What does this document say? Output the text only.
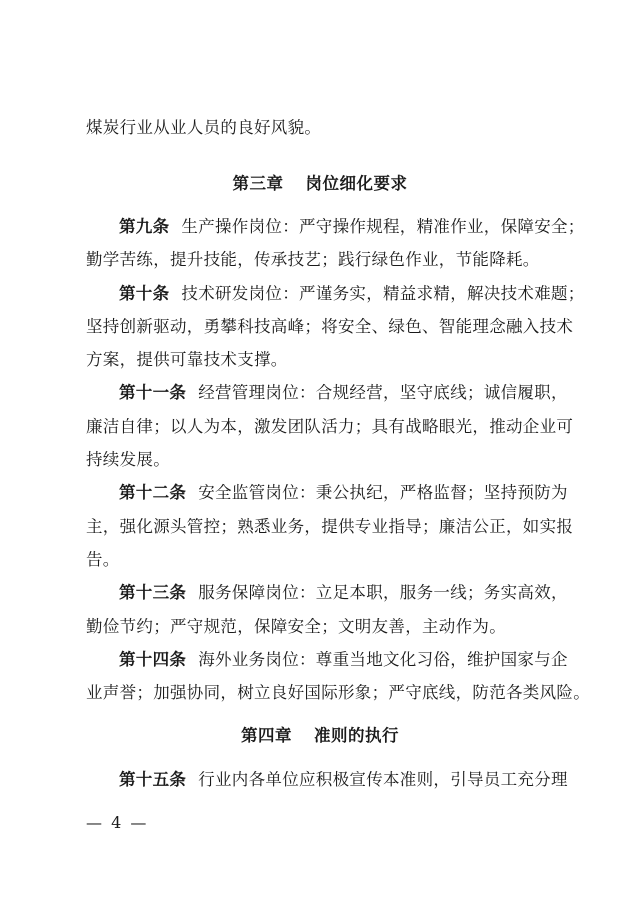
煤炭行业从业人员的良好风貌。
第三章 岗位细化要求
第九条 生产操作岗位：严守操作规程，精准作业，保障安全；
勤学苦练，提升技能，传承技艺；践行绿色作业，节能降耗。
第十条 技术研发岗位：严谨务实，精益求精，解决技术难题；
坚持创新驱动，勇攀科技高峰；将安全、绿色、智能理念融入技术
方案，提供可靠技术支撑。
第十一条 经营管理岗位：合规经营，坚守底线；诚信履职，
廉洁自律；以人为本，激发团队活力；具有战略眼光，推动企业可
持续发展。
第十二条 安全监管岗位：秉公执纪，严格监督；坚持预防为
主，强化源头管控；熟悉业务，提供专业指导；廉洁公正，如实报
告。
第十三条 服务保障岗位：立足本职，服务一线；务实高效，
勤俭节约；严守规范，保障安全；文明友善，主动作为。
第十四条 海外业务岗位：尊重当地文化习俗，维护国家与企
业声誉；加强协同，树立良好国际形象；严守底线，防范各类风险。
第四章 准则的执行
第十五条 行业内各单位应积极宣传本准则，引导员工充分理
— 4 —
